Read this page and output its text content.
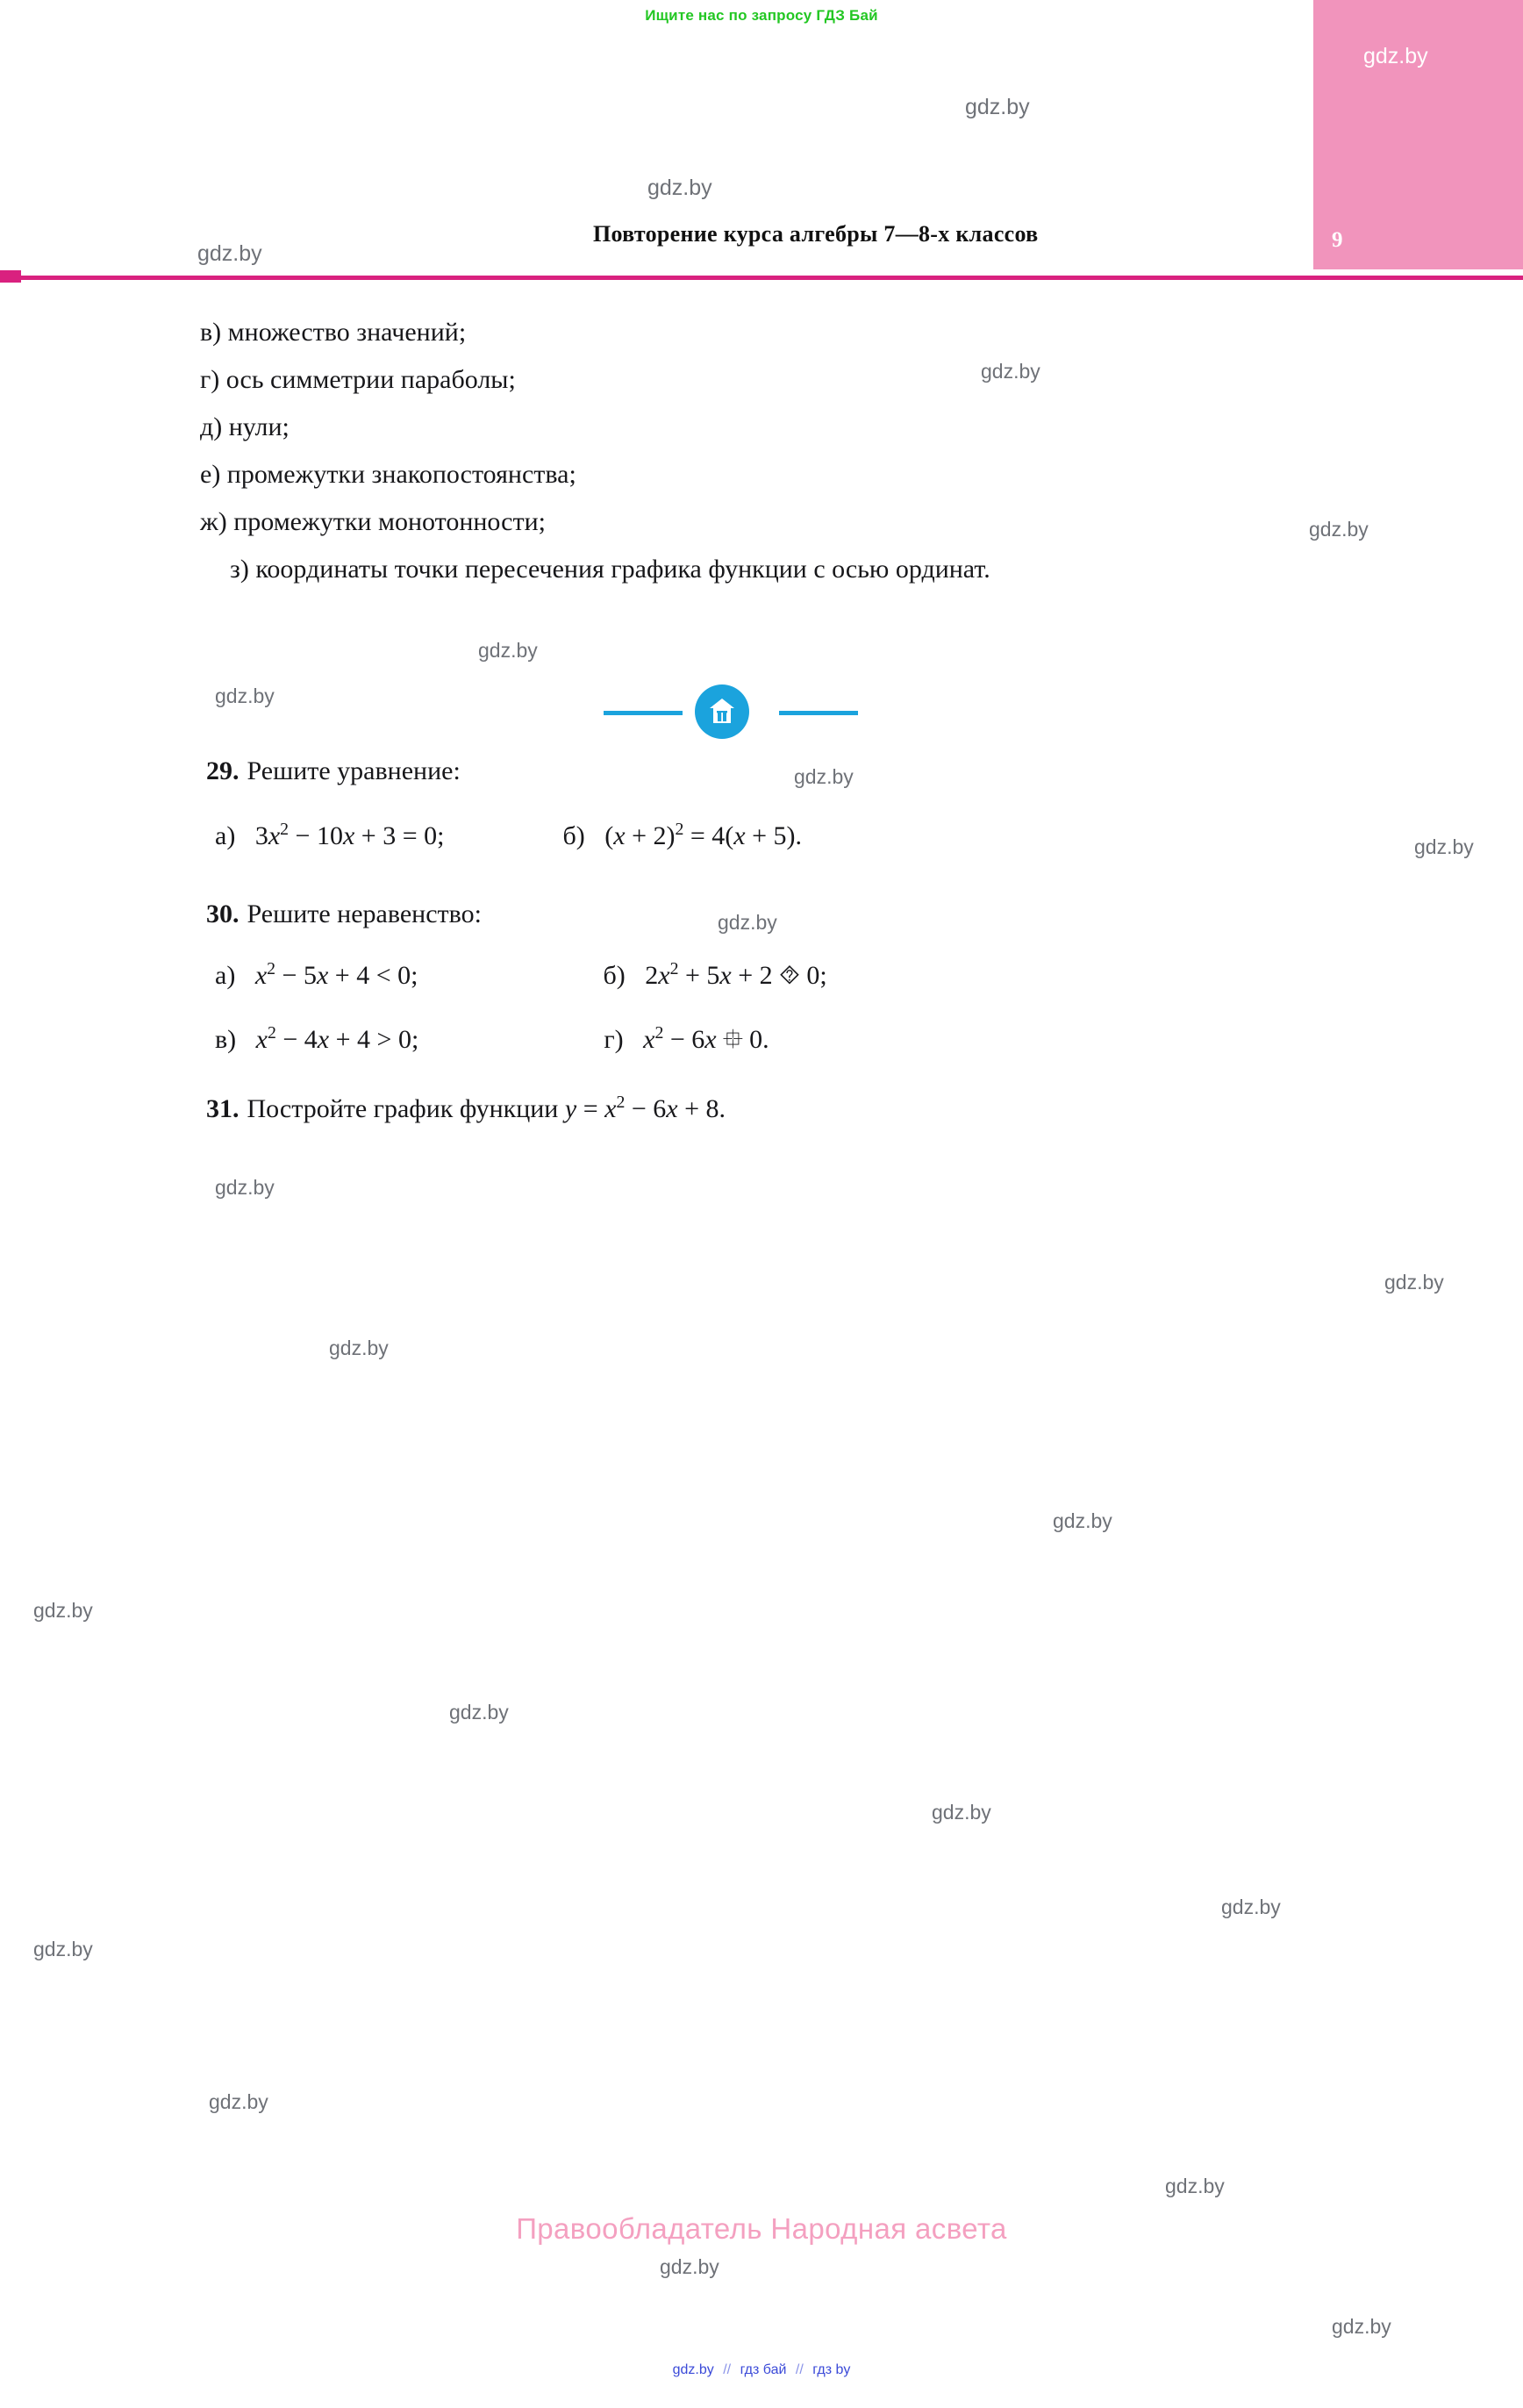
Ищите нас по запросу ГДЗ Бай
9
Повторение курса алгебры 7—8-х классов
в) множество значений;
г) ось симметрии параболы;
д) нули;
е) промежутки знакопостоянства;
ж) промежутки монотонности;
з) координаты точки пересечения графика функции с осью ординат.
29. Решите уравнение:
а)   $3x^2 - 10x + 3 = 0$;	б)   $(x + 2)^2 = 4(x + 5)$.
30. Решите неравенство:
а) $x^2 - 5x + 4 < 0$;	б)   $2x^2 + 5x + 2$ ⯑ 0;
в) $x^2 - 4x + 4 > 0$;	г) $x^2 - 6x$ ⯐ 0.
31. Постройте график функции $y = x^2 - 6x + 8$.
Правообладатель Народная асвета
gdz.by // гдз бай // гдз by
gdz.by
gdz.by
gdz.by
gdz.by
gdz.by
gdz.by
gdz.by
gdz.by
gdz.by
gdz.by
gdz.by
gdz.by
gdz.by
gdz.by
gdz.by
gdz.by
gdz.by
gdz.by
gdz.by
gdz.by
gdz.by
gdz.by
gdz.by
gdz.by
